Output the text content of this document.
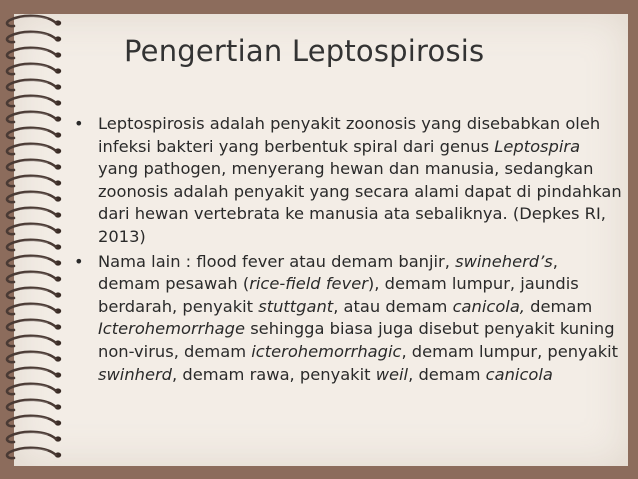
Pengertian Leptospirosis
• Leptospirosis adalah penyakit zoonosis yang disebabkan oleh infeksi bakteri yang berbentuk spiral dari genus Leptospira yang pathogen, menyerang hewan dan manusia, sedangkan zoonosis adalah penyakit yang secara alami dapat di pindahkan dari hewan vertebrata ke manusia ata sebaliknya. (Depkes RI, 2013)
• Nama lain : flood fever atau demam banjir, swineherd’s, demam pesawah (rice-field fever), demam lumpur, jaundis berdarah, penyakit stuttgant, atau demam canicola, demam Icterohemorrhage sehingga biasa juga disebut penyakit kuning non-virus, demam icterohemorrhagic, demam lumpur, penyakit swinherd, demam rawa, penyakit weil, demam canicola
